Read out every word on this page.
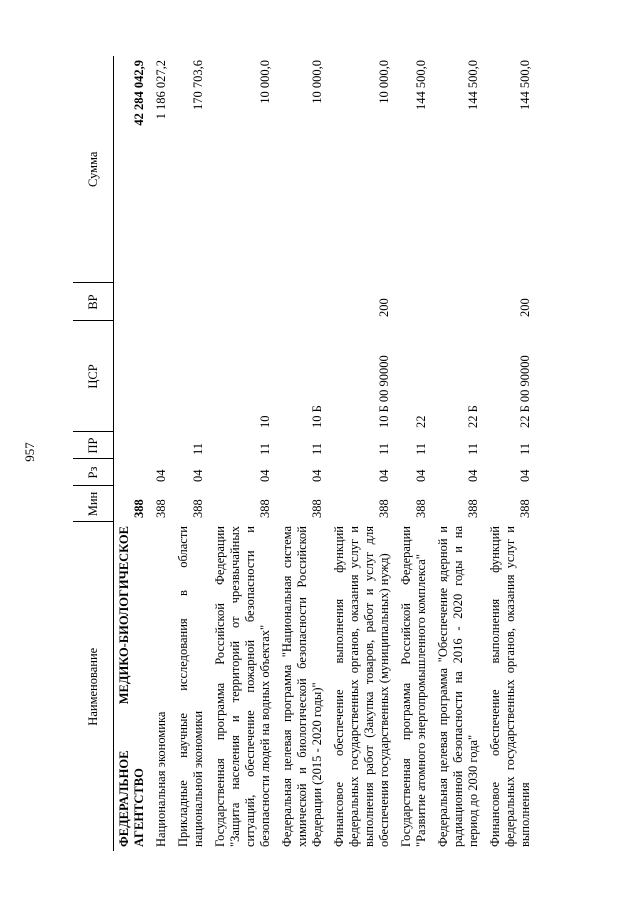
957
Наименование	Мин	Рз	ПР	ЦСР	ВР	Сумма

ФЕДЕРАЛЬНОЕ МЕДИКО-БИОЛОГИЧЕСКОЕ АГЕНТСТВО	388					42 284 042,9
Национальная экономика	388	04				1 186 027,2
Прикладные научные исследования в области национальной экономики	388	04	11			170 703,6
Государственная программа Российской Федерации "Защита населения и территорий от чрезвычайных ситуаций, обеспечение пожарной безопасности и безопасности людей на водных объектах"	388	04	11	10		10 000,0
Федеральная целевая программа "Национальная система химической и биологической безопасности Российской Федерации (2015 - 2020 годы)"	388	04	11	10 Б		10 000,0
Финансовое обеспечение выполнения функций федеральных государственных органов, оказания услуг и выполнения работ (Закупка товаров, работ и услуг для обеспечения государственных (муниципальных) нужд)	388	04	11	10 Б 00 90000	200	10 000,0
Государственная программа Российской Федерации "Развитие атомного энергопромышленного комплекса"	388	04	11	22		144 500,0
Федеральная целевая программа "Обеспечение ядерной и радиационной безопасности на 2016 - 2020 годы и на период до 2030 года"	388	04	11	22 Б		144 500,0
Финансовое обеспечение выполнения функций федеральных государственных органов, оказания услуг и выполнения	388	04	11	22 Б 00 90000	200	144 500,0
